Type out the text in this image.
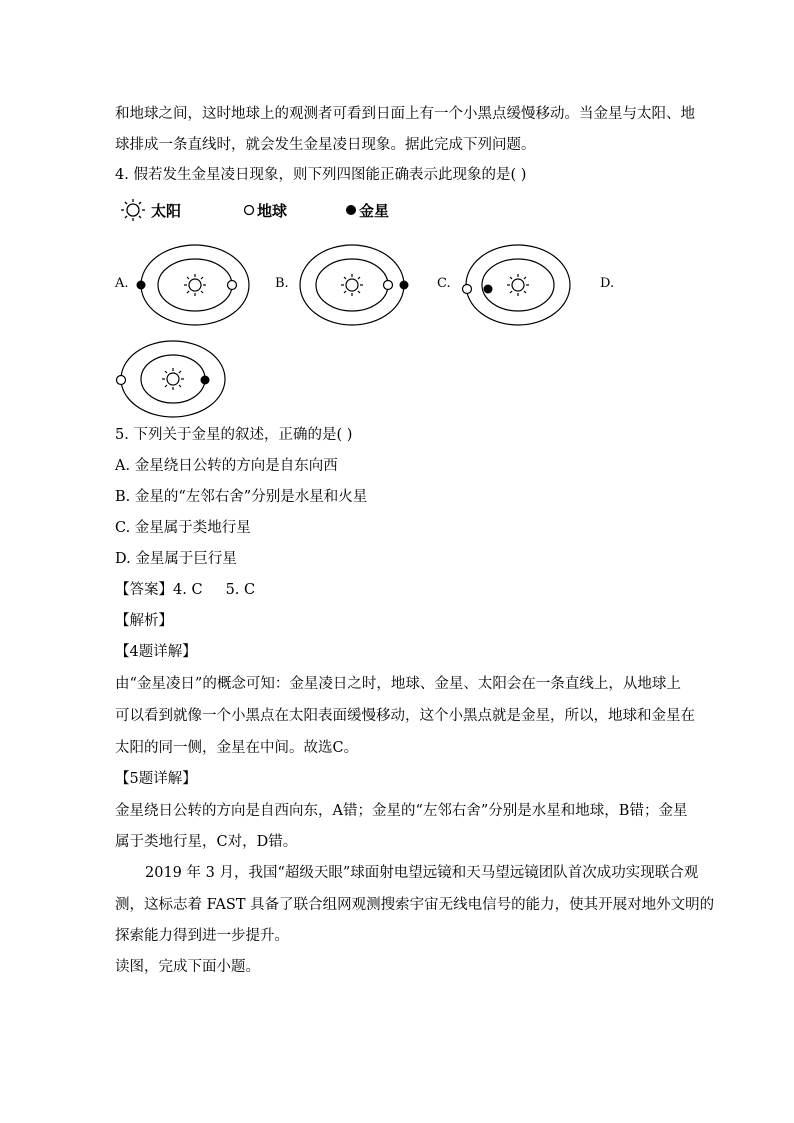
和地球之间，这时地球上的观测者可看到日面上有一个小黑点缓慢移动。当金星与太阳、地
球排成一条直线时，就会发生金星凌日现象。据此完成下列问题。
4. 假若发生金星凌日现象，则下列四图能正确表示此现象的是( )
太阳	地球	金星
A.	B.	C.	D.
5. 下列关于金星的叙述，正确的是( )
A. 金星绕日公转的方向是自东向西
B. 金星的“左邻右舍”分别是水星和火星
C. 金星属于类地行星
D. 金星属于巨行星
【答案】4. C     5. C
【解析】
【4题详解】
由“金星凌日”的概念可知：金星凌日之时，地球、金星、太阳会在一条直线上，从地球上
可以看到就像一个小黑点在太阳表面缓慢移动，这个小黑点就是金星，所以，地球和金星在
太阳的同一侧，金星在中间。故选C。
【5题详解】
金星绕日公转的方向是自西向东，A错；金星的“左邻右舍”分别是水星和地球，B错；金星
属于类地行星，C对，D错。
2019 年 3 月，我国“超级天眼”球面射电望远镜和天马望远镜团队首次成功实现联合观
测，这标志着 FAST 具备了联合组网观测搜索宇宙无线电信号的能力，使其开展对地外文明的
探索能力得到进一步提升。
读图，完成下面小题。
